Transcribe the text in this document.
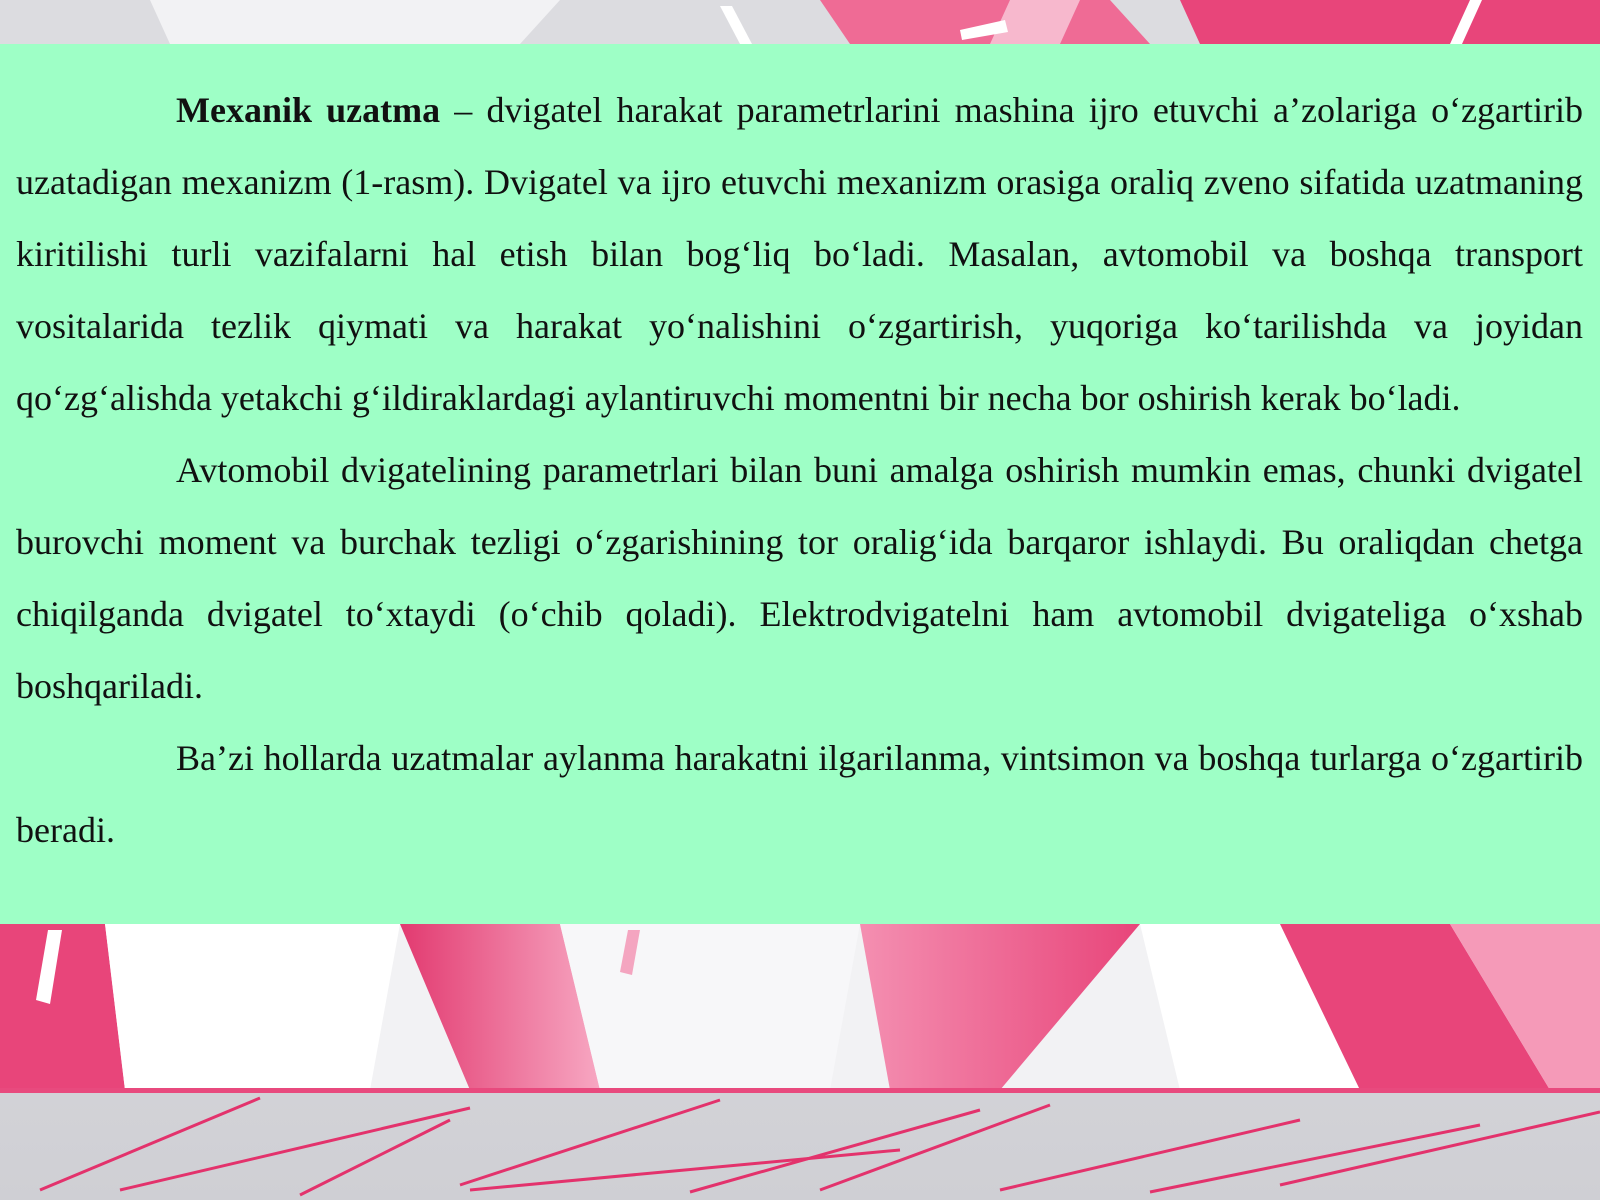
Mexanik uzatma – dvigatel harakat parametrlarini mashina ijro etuvchi a’zolariga o‘zgartirib uzatadigan mexanizm (1-rasm). Dvigatel va ijro etuvchi mexanizm orasiga oraliq zveno sifatida uzatmaning kiritilishi turli vazifalarni hal etish bilan bog‘liq bo‘ladi. Masalan, avtomobil va boshqa transport vositalarida tezlik qiymati va harakat yo‘nalishini o‘zgartirish, yuqoriga ko‘tarilishda va joyidan qo‘zg‘alishda yetakchi g‘ildiraklardagi aylantiruvchi momentni bir necha bor oshirish kerak bo‘ladi.

Avtomobil dvigatelining parametrlari bilan buni amalga oshirish mumkin emas, chunki dvigatel burovchi moment va burchak tezligi o‘zgarishining tor oralig‘ida barqaror ishlaydi. Bu oraliqdan chetga chiqilganda dvigatel to‘xtaydi (o‘chib qoladi). Elektrodvigatelni ham avtomobil dvigateliga o‘xshab boshqariladi.

Ba’zi hollarda uzatmalar aylanma harakatni ilgarilanma, vintsimon va boshqa turlarga o‘zgartirib beradi.
